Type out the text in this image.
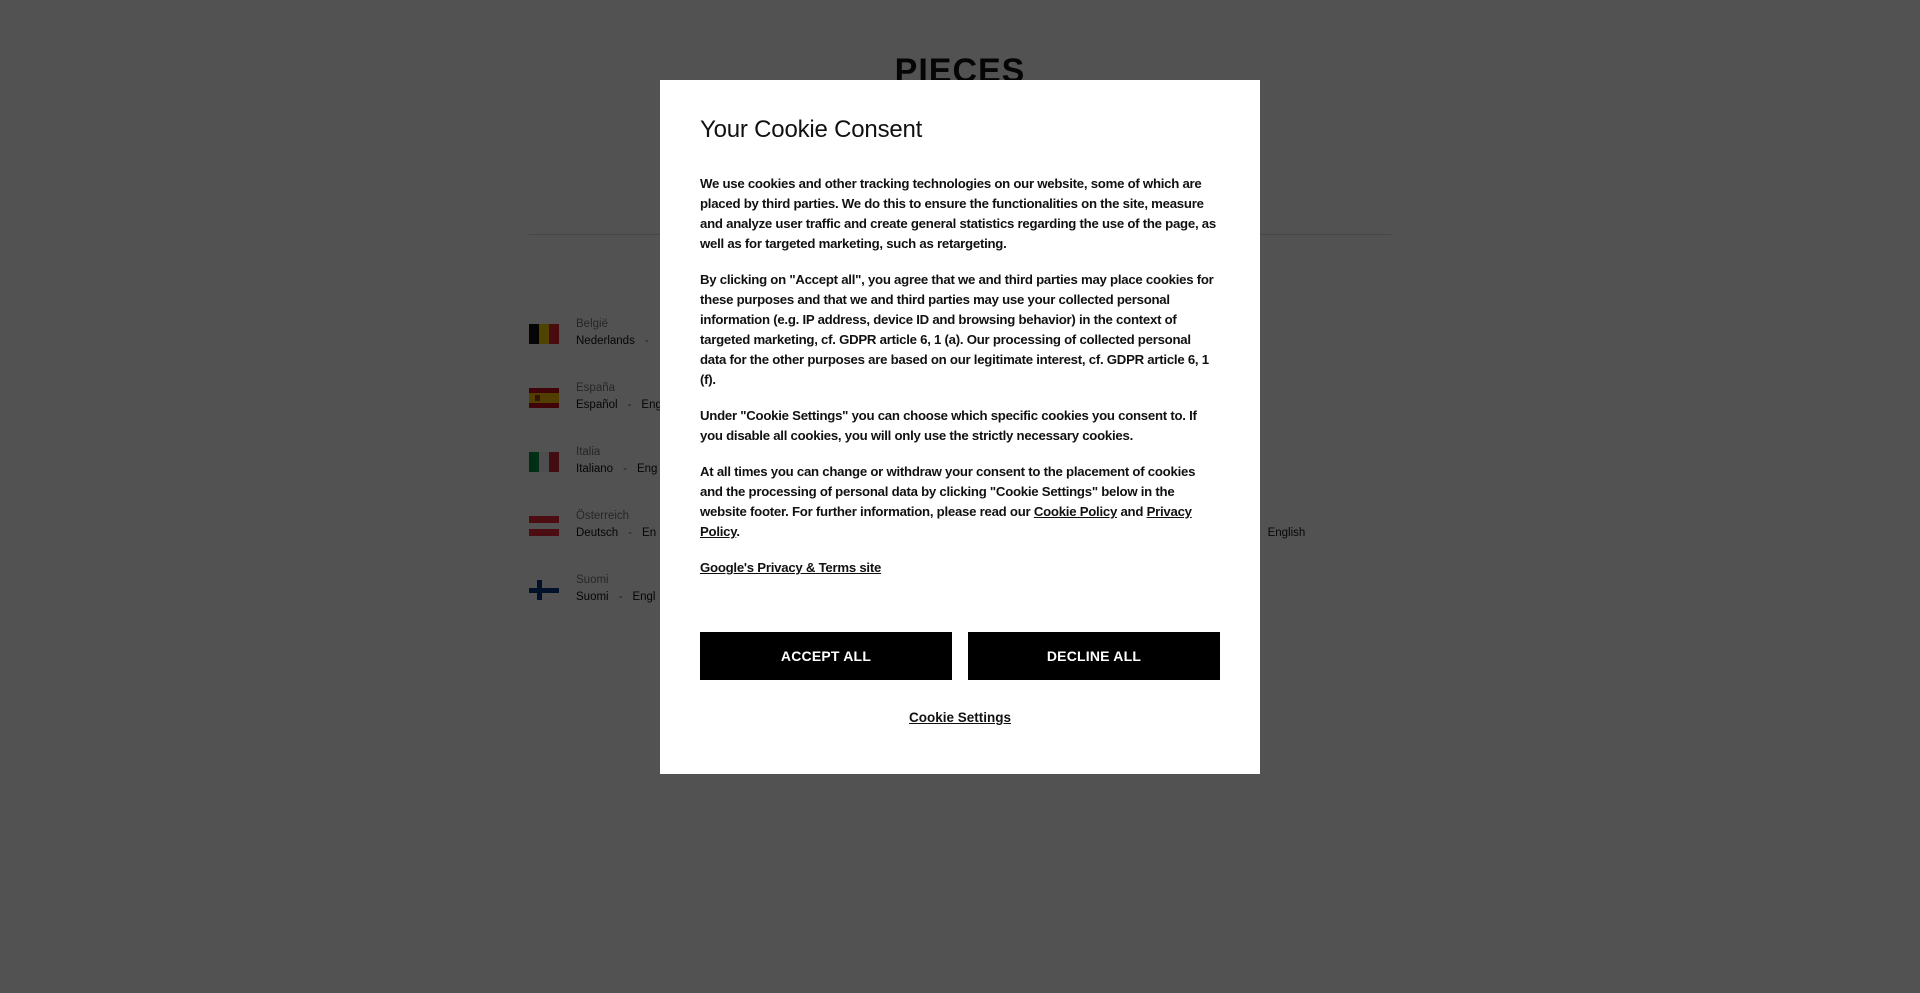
Your Cookie Consent

We use cookies and other tracking technologies on our website, some of which are placed by third parties. We do this to ensure the functionalities on the site, measure and analyze user traffic and create general statistics regarding the use of the page, as well as for targeted marketing, such as retargeting.

By clicking on "Accept all", you agree that we and third parties may place cookies for these purposes and that we and third parties may use your collected personal information (e.g. IP address, device ID and browsing behavior) in the context of targeted marketing, cf. GDPR article 6, 1 (a). Our processing of collected personal data for the other purposes are based on our legitimate interest, cf. GDPR article 6, 1 (f).

Under "Cookie Settings" you can choose which specific cookies you consent to. If you disable all cookies, you will only use the strictly necessary cookies.

At all times you can change or withdraw your consent to the placement of cookies and the processing of personal data by clicking "Cookie Settings" below in the website footer. For further information, please read our Cookie Policy and Privacy Policy.

Google's Privacy & Terms site
ACCEPT ALL	DECLINE ALL
Cookie Settings
